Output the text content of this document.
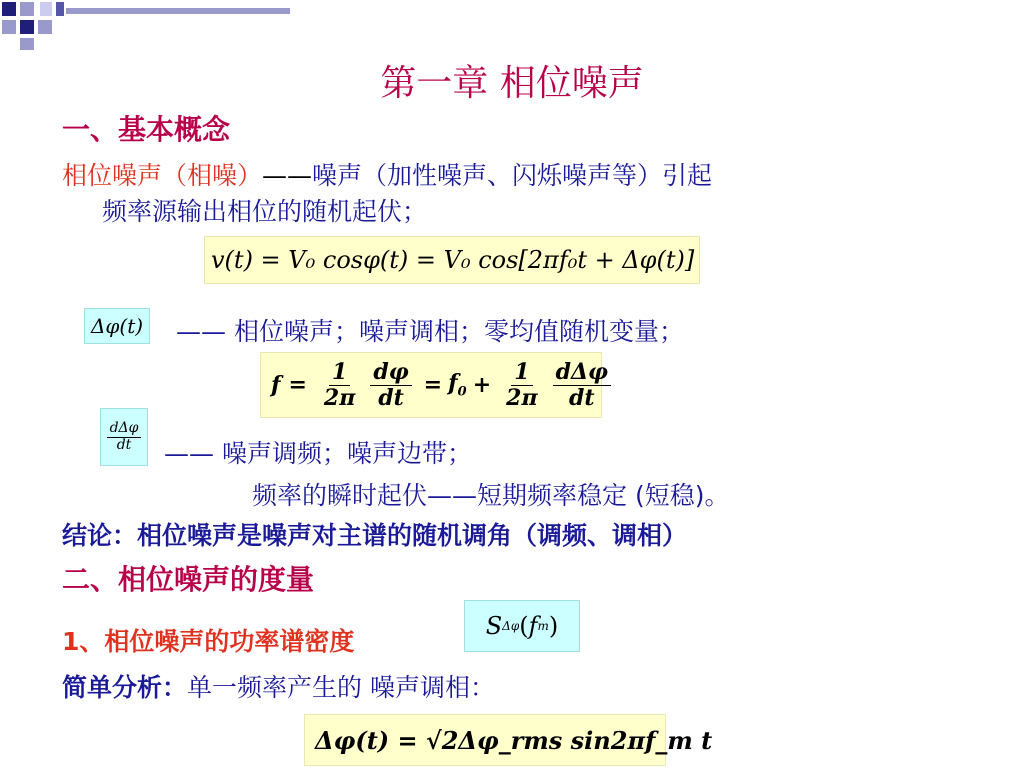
第一章 相位噪声
一、基本概念
相位噪声（相噪）——噪声（加性噪声、闪烁噪声等）引起
频率源输出相位的随机起伏；
v(t) = V₀ cosφ(t) = V₀ cos[2πf₀t + Δφ(t)]
Δφ(t) —— 相位噪声；噪声调相；零均值随机变量；
$f = \frac{1}{2\pi} \frac{d\varphi}{dt} = f_0 + \frac{1}{2\pi} \frac{\text{dΔφ}}{dt}$
$\frac{\text{dΔφ}}{dt}$
—— 噪声调频；噪声边带；
频率的瞬时起伏——短期频率稳定 (短稳)。
结论：相位噪声是噪声对主谱的随机调角（调频、调相）
二、相位噪声的度量
1、相位噪声的功率谱密度
S Δφ ( f m )
简单分析：单一频率产生的 噪声调相：
Δφ(t) = √2Δφ_rms sin2πf_m t
